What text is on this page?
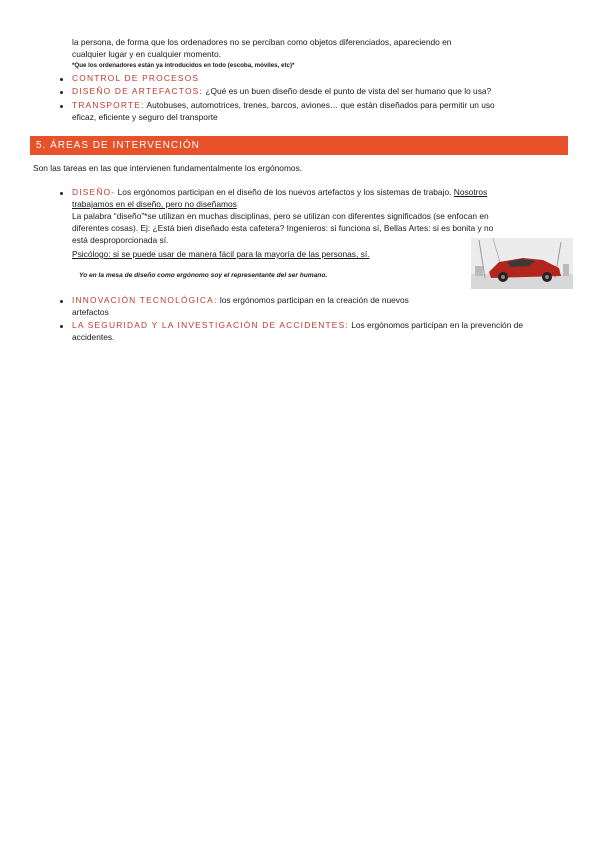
la persona, de forma que los ordenadores no se perciban como objetos diferenciados, apareciendo en
cualquier lugar y en cualquier momento.
*Que los ordenadores están ya introducidos en todo (escoba, móviles, etc)*
CONTROL DE PROCESOS
DISEÑO DE ARTEFACTOS: ¿Qué es un buen diseño desde el punto de vista del ser humano que lo usa?
TRANSPORTE: Autobuses, automotrices, trenes, barcos, aviones… que están diseñados para permitir un uso
eficaz, eficiente y seguro del transporte
5. ÁREAS DE INTERVENCIÓN
Son las tareas en las que intervienen fundamentalmente los ergónomos.
DISEÑO- Los ergónomos participan en el diseño de los nuevos artefactos y los sistemas de trabajo. Nosotros
trabajamos en el diseño, pero no diseñamos
La palabra “diseño”*se utilizan en muchas disciplinas, pero se utilizan con diferentes significados (se enfocan en
diferentes cosas). Ej: ¿Está bien diseñado esta cafetera? Ingenieros: si funciona sí, Bellas Artes: si es bonita y no
está desproporcionada sí.
Psicólogo: si se puede usar de manera fácil para la mayoría de las personas, sí.
Yo en la mesa de diseño como ergónomo soy el representante del ser humano.
INNOVACIÓN TECNOLÓGICA: los ergónomos participan en la creación de nuevos
artefactos
LA SEGURIDAD Y LA INVESTIGACIÓN DE ACCIDENTES: Los ergónomos participan en la prevención de
accidentes.
